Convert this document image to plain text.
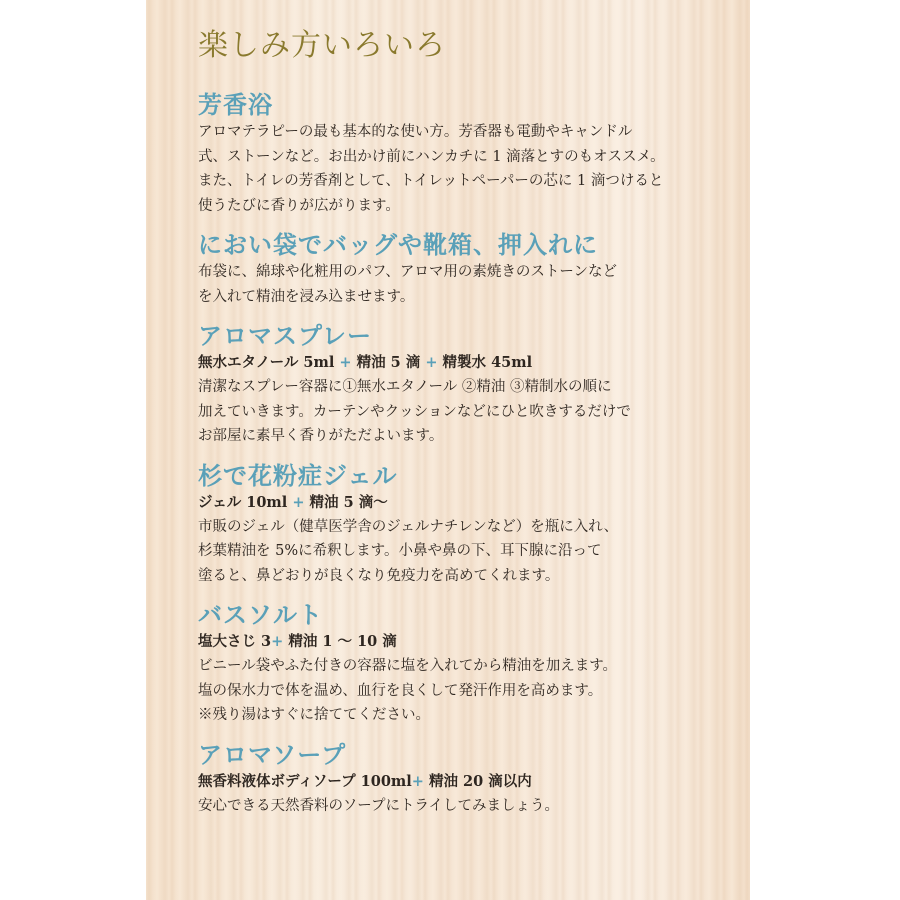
楽しみ方いろいろ
芳香浴

アロマテラピーの最も基本的な使い方。芳香器も電動やキャンドル

式、ストーンなど。お出かけ前にハンカチに 1 滴落とすのもオススメ。

また、トイレの芳香剤として、トイレットペーパーの芯に 1 滴つけると

使うたびに香りが広がります。

におい袋でバッグや靴箱、押入れに

布袋に、綿球や化粧用のパフ、アロマ用の素焼きのストーンなど

を入れて精油を浸み込ませます。

アロマスプレー

無水エタノール 5ml + 精油 5 滴 + 精製水 45ml

清潔なスプレー容器に①無水エタノール ②精油 ③精制水の順に

加えていきます。カーテンやクッションなどにひと吹きするだけで

お部屋に素早く香りがただよいます。

杉で花粉症ジェル

ジェル 10ml + 精油 5 滴〜

市販のジェル（健草医学舎のジェルナチレンなど）を瓶に入れ、

杉葉精油を 5%に希釈します。小鼻や鼻の下、耳下腺に沿って

塗ると、鼻どおりが良くなり免疫力を高めてくれます。

バスソルト

塩大さじ 3+ 精油 1 〜 10 滴

ビニール袋やふた付きの容器に塩を入れてから精油を加えます。

塩の保水力で体を温め、血行を良くして発汗作用を高めます。

※残り湯はすぐに捨ててください。

アロマソープ

無香料液体ボディソープ 100ml+ 精油 20 滴以内

安心できる天然香料のソープにトライしてみましょう。
